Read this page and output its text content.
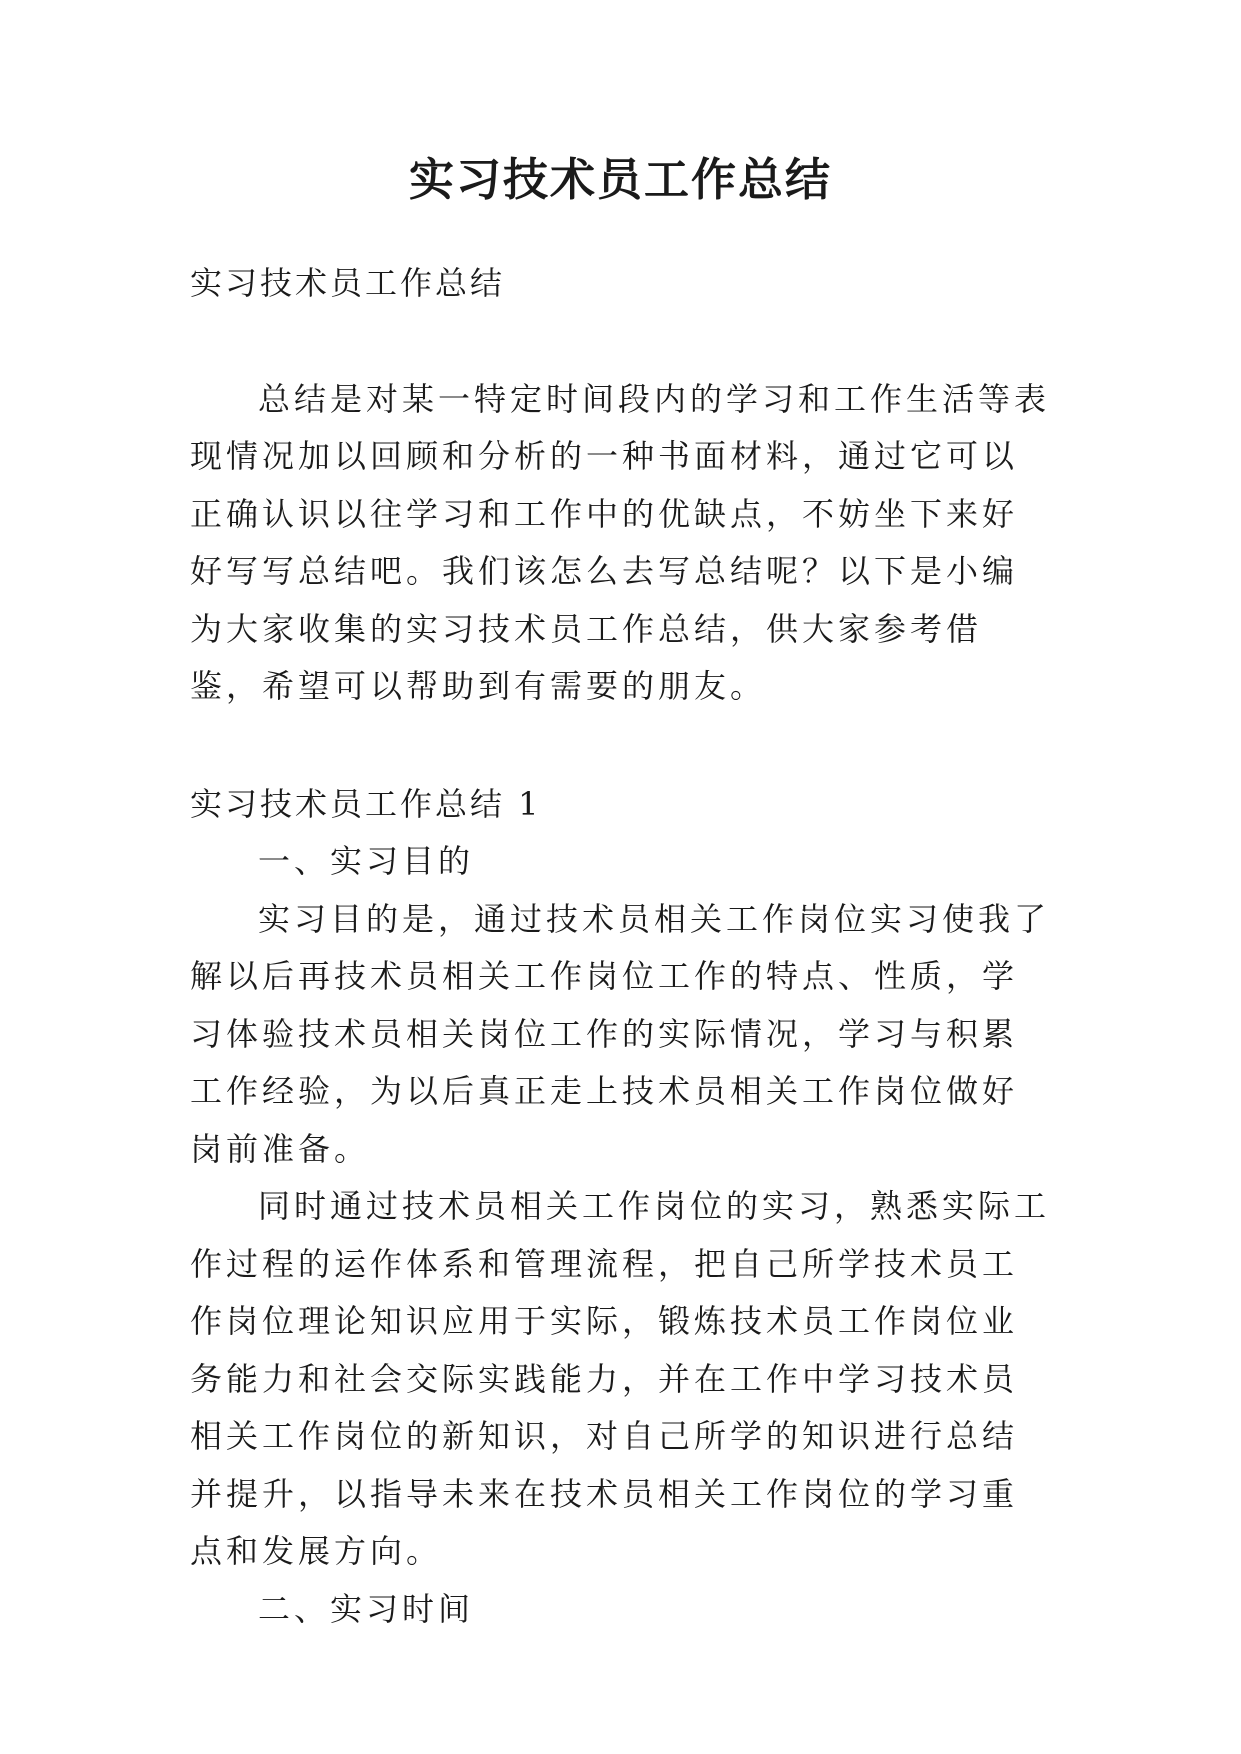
实习技术员工作总结

实习技术员工作总结

总结是对某一特定时间段内的学习和工作生活等表现情况加以回顾和分析的一种书面材料，通过它可以正确认识以往学习和工作中的优缺点，不妨坐下来好好写写总结吧。我们该怎么去写总结呢？以下是小编为大家收集的实习技术员工作总结，供大家参考借鉴，希望可以帮助到有需要的朋友。

实习技术员工作总结 1

一、实习目的

实习目的是，通过技术员相关工作岗位实习使我了解以后再技术员相关工作岗位工作的特点、性质，学习体验技术员相关岗位工作的实际情况，学习与积累工作经验，为以后真正走上技术员相关工作岗位做好岗前准备。

同时通过技术员相关工作岗位的实习，熟悉实际工作过程的运作体系和管理流程，把自己所学技术员工作岗位理论知识应用于实际，锻炼技术员工作岗位业务能力和社会交际实践能力，并在工作中学习技术员相关工作岗位的新知识，对自己所学的知识进行总结并提升，以指导未来在技术员相关工作岗位的学习重点和发展方向。

二、实习时间
